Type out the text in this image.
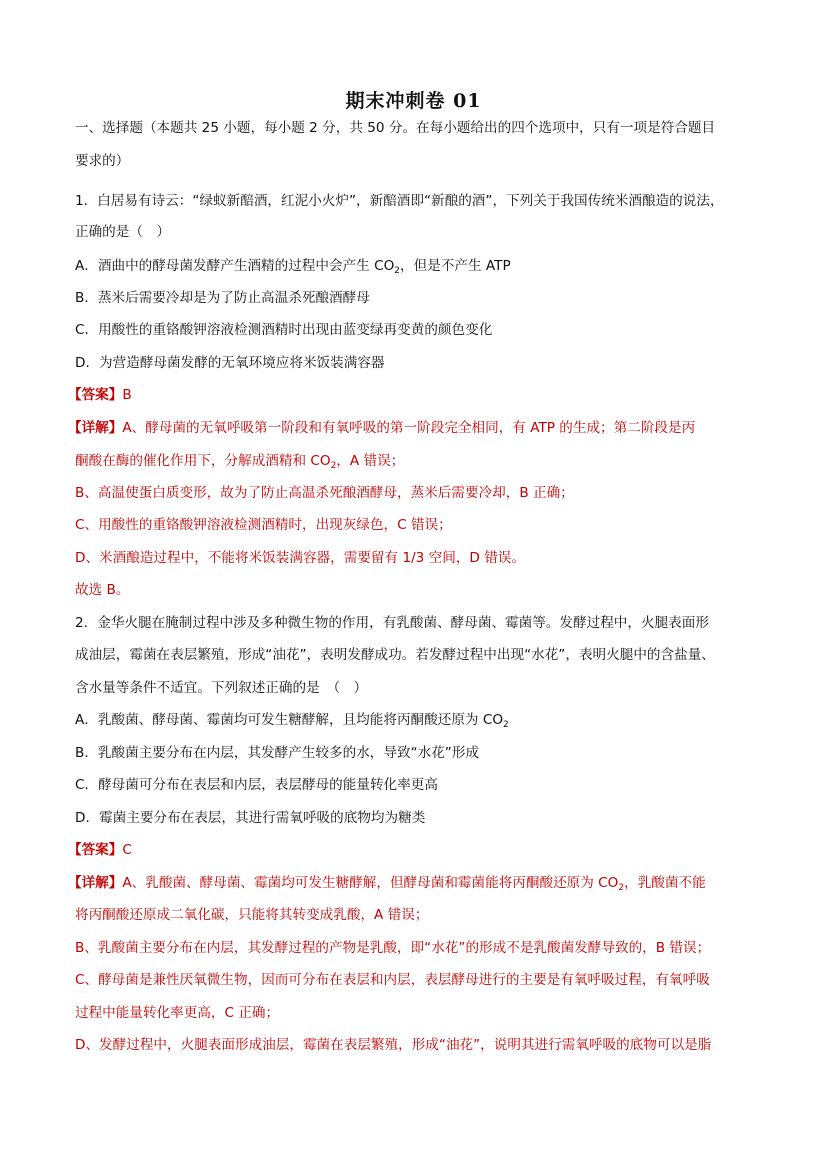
期末冲刺卷 01
一、选择题（本题共 25 小题，每小题 2 分，共 50 分。在每小题给出的四个选项中，只有一项是符合题目
要求的）
1．白居易有诗云：“绿蚁新醅酒，红泥小火炉”，新醅酒即“新酿的酒”，下列关于我国传统米酒酿造的说法，
正确的是（　）
A．酒曲中的酵母菌发酵产生酒精的过程中会产生 $CO_2$，但是不产生 ATP
B．蒸米后需要冷却是为了防止高温杀死酿酒酵母
C．用酸性的重铬酸钾溶液检测酒精时出现由蓝变绿再变黄的颜色变化
D．为营造酵母菌发酵的无氧环境应将米饭装满容器
【答案】B
【详解】A、酵母菌的无氧呼吸第一阶段和有氧呼吸的第一阶段完全相同，有 ATP 的生成；第二阶段是丙
酮酸在酶的催化作用下，分解成酒精和 $CO_2$，A 错误；
B、高温使蛋白质变形，故为了防止高温杀死酿酒酵母，蒸米后需要冷却，B 正确；
C、用酸性的重铬酸钾溶液检测酒精时，出现灰绿色，C 错误；
D、米酒酿造过程中，不能将米饭装满容器，需要留有 1/3 空间，D 错误。
故选 B。
2．金华火腿在腌制过程中涉及多种微生物的作用，有乳酸菌、酵母菌、霉菌等。发酵过程中，火腿表面形
成油层，霉菌在表层繁殖，形成“油花”，表明发酵成功。若发酵过程中出现“水花”，表明火腿中的含盐量、
含水量等条件不适宜。下列叙述正确的是　（　）
A．乳酸菌、酵母菌、霉菌均可发生糖酵解，且均能将丙酮酸还原为 $CO_2$
B．乳酸菌主要分布在内层，其发酵产生较多的水，导致“水花”形成
C．酵母菌可分布在表层和内层，表层酵母的能量转化率更高
D．霉菌主要分布在表层，其进行需氧呼吸的底物均为糖类
【答案】C
【详解】A、乳酸菌、酵母菌、霉菌均可发生糖酵解，但酵母菌和霉菌能将丙酮酸还原为 $CO_2$，乳酸菌不能
将丙酮酸还原成二氧化碳，只能将其转变成乳酸，A 错误；
B、乳酸菌主要分布在内层，其发酵过程的产物是乳酸，即“水花”的形成不是乳酸菌发酵导致的，B 错误；
C、酵母菌是兼性厌氧微生物，因而可分布在表层和内层，表层酵母进行的主要是有氧呼吸过程，有氧呼吸
过程中能量转化率更高，C 正确；
D、发酵过程中，火腿表面形成油层，霉菌在表层繁殖，形成“油花”，说明其进行需氧呼吸的底物可以是脂
